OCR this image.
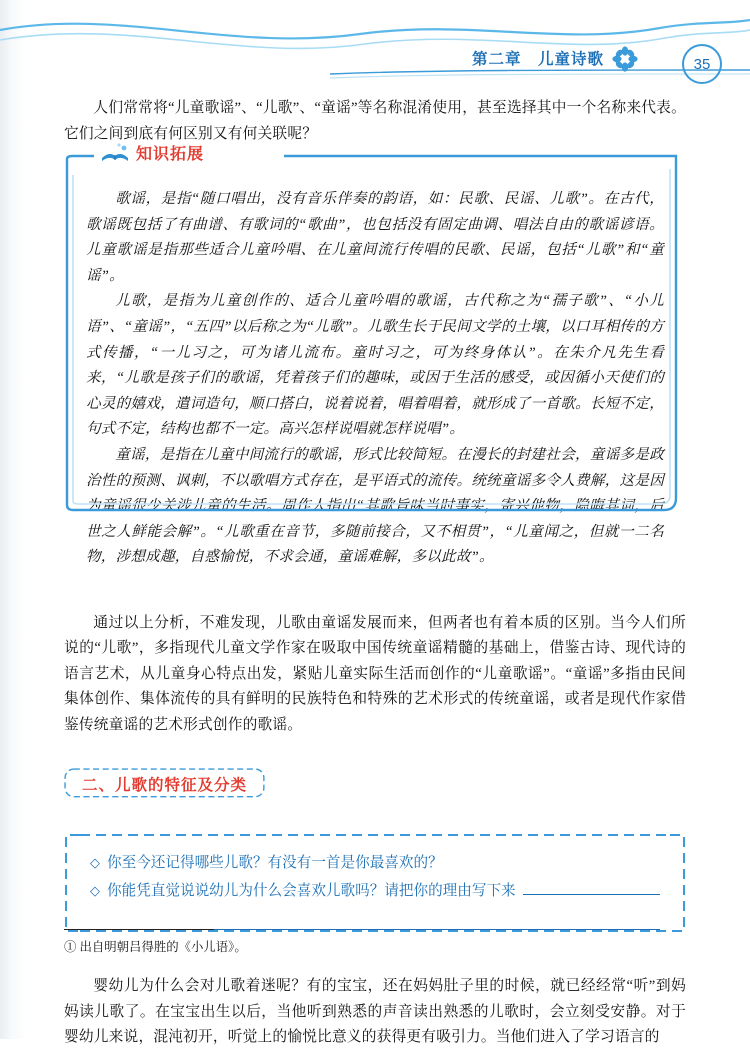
第二章　儿童诗歌	35

人们常常将“儿童歌谣”、“儿歌”、“童谣”等名称混淆使用，甚至选择其中一个名称来代表。它们之间到底有何区别又有何关联呢？

知识拓展

歌谣，是指“随口唱出，没有音乐伴奏的韵语，如：民歌、民谣、儿歌”。在古代，歌谣既包括了有曲谱、有歌词的“歌曲”，也包括没有固定曲调、唱法自由的歌谣谚语。儿童歌谣是指那些适合儿童吟唱、在儿童间流行传唱的民歌、民谣，包括“儿歌”和“童谣”。

儿歌，是指为儿童创作的、适合儿童吟唱的歌谣，古代称之为“孺子歌”、“小儿语”、“童谣”，“五四”以后称之为“儿歌”。儿歌生长于民间文学的土壤，以口耳相传的方式传播，“一儿习之，可为诸儿流布。童时习之，可为终身体认”。在朱介凡先生看来，“儿歌是孩子们的歌谣，凭着孩子们的趣味，或因于生活的感受，或因循小天使们的心灵的嬉戏，遣词造句，顺口搭白，说着说着，唱着唱着，就形成了一首歌。长短不定，句式不定，结构也都不一定。高兴怎样说唱就怎样说唱”。

童谣，是指在儿童中间流行的歌谣，形式比较简短。在漫长的封建社会，童谣多是政治性的预测、讽刺，不以歌唱方式存在，是平语式的流传。统统童谣多令人费解，这是因为童谣很少关涉儿童的生活。周作人指出“其歌旨味当时事实，寄兴他物，隐晦其词，后世之人鲜能会解”。“儿歌重在音节，多随前接合，又不相贯”，“儿童闻之，但就一二名物，涉想成趣，自惑愉悦，不求会通，童谣难解，多以此故”。

通过以上分析，不难发现，儿歌由童谣发展而来，但两者也有着本质的区别。当今人们所说的“儿歌”，多指现代儿童文学作家在吸取中国传统童谣精髓的基础上，借鉴古诗、现代诗的语言艺术，从儿童身心特点出发，紧贴儿童实际生活而创作的“儿童歌谣”。“童谣”多指由民间集体创作、集体流传的具有鲜明的民族特色和特殊的艺术形式的传统童谣，或者是现代作家借鉴传统童谣的艺术形式创作的歌谣。

二、儿歌的特征及分类
◇ 你至今还记得哪些儿歌？有没有一首是你最喜欢的？
◇ 你能凭直觉说说幼儿为什么会喜欢儿歌吗？请把你的理由写下来

婴幼儿为什么会对儿歌着迷呢？有的宝宝，还在妈妈肚子里的时候，就已经经常“听”到妈妈读儿歌了。在宝宝出生以后，当他听到熟悉的声音读出熟悉的儿歌时，会立刻受安静。对于婴幼儿来说，混沌初开，听觉上的愉悦比意义的获得更有吸引力。当他们进入了学习语言的

① 出自明朝吕得胜的《小儿语》。
